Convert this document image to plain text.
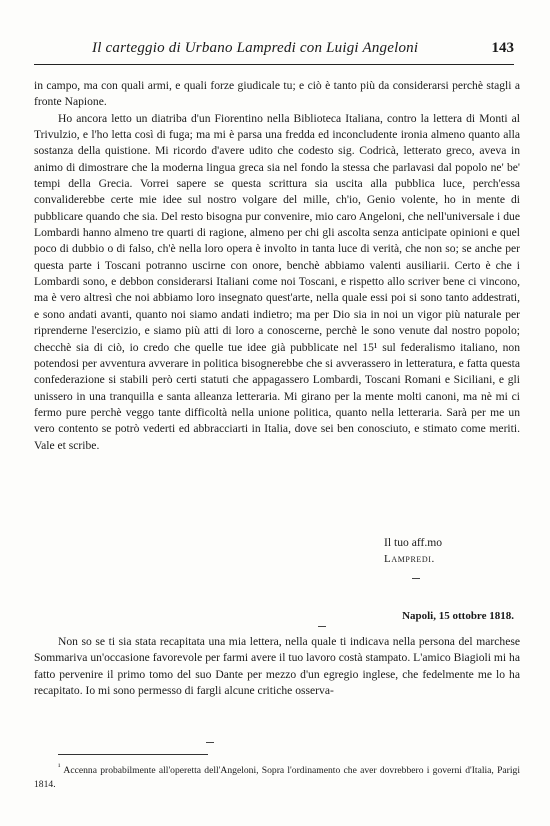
Il carteggio di Urbano Lampredi con Luigi Angeloni	143

in campo, ma con quali armi, e quali forze giudicale tu; e ciò è tanto più da considerarsi perchè stagli a fronte Napione.

Ho ancora letto un diatriba d'un Fiorentino nella Biblioteca Italiana, contro la lettera di Monti al Trivulzio, e l'ho letta così di fuga; ma mi è parsa una fredda ed inconcludente ironia almeno quanto alla sostanza della quistione. Mi ricordo d'avere udito che codesto sig. Codricà, letterato greco, aveva in animo di dimostrare che la moderna lingua greca sia nel fondo la stessa che parlavasi dal popolo ne' be' tempi della Grecia. Vorrei sapere se questa scrittura sia uscita alla pubblica luce, perch'essa convaliderebbe certe mie idee sul nostro volgare del mille, ch'io, Genio volente, ho in mente di pubblicare quando che sia. Del resto bisogna pur convenire, mio caro Angeloni, che nell'universale i due Lombardi hanno almeno tre quarti di ragione, almeno per chi gli ascolta senza anticipate opinioni e quel poco di dubbio o di falso, ch'è nella loro opera è involto in tanta luce di verità, che non so; se anche per questa parte i Toscani potranno uscirne con onore, benchè abbiamo valenti ausiliarii. Certo è che i Lombardi sono, e debbon considerarsi Italiani come noi Toscani, e rispetto allo scriver bene ci vincono, ma è vero altresì che noi abbiamo loro insegnato quest'arte, nella quale essi poi si sono tanto addestrati, e sono andati avanti, quanto noi siamo andati indietro; ma per Dio sia in noi un vigor più naturale per riprenderne l'esercizio, e siamo più atti di loro a conoscerne, perchè le sono venute dal nostro popolo; checchè sia di ciò, io credo che quelle tue idee già pubblicate nel 15¹ sul federalismo italiano, non potendosi per avventura avverare in politica bisognerebbe che si avverassero in letteratura, e fatta questa confederazione si stabili però certi statuti che appagassero Lombardi, Toscani Romani e Siciliani, e gli unissero in una tranquilla e santa alleanza letteraria. Mi girano per la mente molti canoni, ma nè mi ci fermo pure perchè veggo tante difficoltà nella unione politica, quanto nella letteraria. Sarà per me un vero contento se potrò vederti ed abbracciarti in Italia, dove sei ben conosciuto, e stimato come meriti. Vale et scribe.

Il tuo aff.mo
Lampredi.
Napoli, 15 ottobre 1818.

Non so se ti sia stata recapitata una mia lettera, nella quale ti indicava nella persona del marchese Sommariva un'occasione favorevole per farmi avere il tuo lavoro costà stampato. L'amico Biagioli mi ha fatto pervenire il primo tomo del suo Dante per mezzo d'un egregio inglese, che fedelmente me lo ha recapitato. Io mi sono permesso di fargli alcune critiche osserva-

$^{^1}$ Accenna probabilmente all'operetta dell'Angeloni, Sopra l'ordinamento che aver dovrebbero i governi d'Italia, Parigi 1814.
